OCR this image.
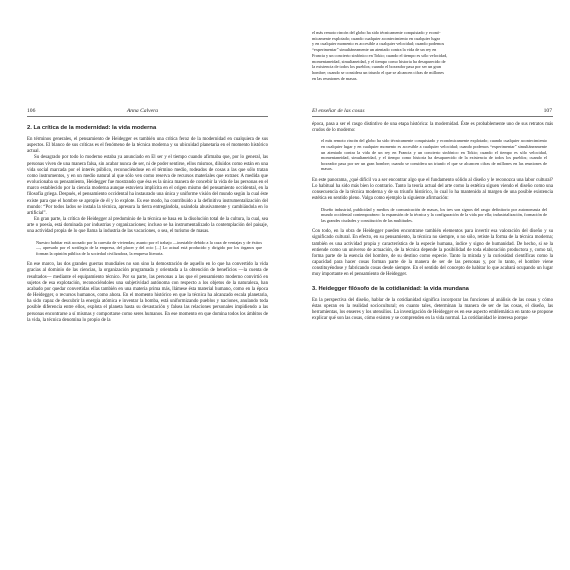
el más remoto rincón del globo ha sido técnicamente conquistado y econó-
micamente explotado; cuando cualquier acontecimiento en cualquier lugar
y en cualquier momento es accesible a cualquier velocidad; cuando podemos
“experimentar” simultáneamente un atentado contra la vida de un rey en
Francia y un concierto sinfónico en Tokio; cuando el tiempo es sólo velocidad,
momentaneidad, simultaneidad, y el tiempo como historia ha desaparecido de
la existencia de todos los pueblos; cuando el boxeador pasa por ser un gran
hombre; cuando se considera un triunfo el que se alcancen cifras de millones
en las reuniones de masas.
106	Anna Calvera
2. La crítica de la modernidad: la vida moderna

En términos generales, el pensamiento de Heidegger es también una crítica feroz de la modernidad en cualquiera de sus aspectos. El blanco de sus críticas es el fenómeno de la técnica moderna y su ubicuidad planetaria en el momento histórico actual.

Su desagrado por todo lo moderno estaba ya anunciado en El ser y el tiempo cuando afirmaba que, por lo general, las personas viven de una manera falsa, sin acabar nunca de ser, ni de poder sentirse, ellos mismos, diluidos como están en una vida social marcada por el interés público, reconociéndose en el término medio, rodeados de cosas a las que sólo tratan como instrumentos, y en un medio natural al que sólo ven como reserva de recursos materiales que extraer. A medida que evolucionaba su pensamiento, Heidegger fue mostrando que ésa es la única manera de concebir la vida de las personas en el marco establecido por la ciencia moderna aunque estuviera implícita en el origen mismo del pensamiento occidental, en la filosofía griega. Después, el pensamiento occidental ha instaurado una única y uniforme visión del mundo según la cual éste existe para que el hombre se apropie de él y lo explote. Es ese modo, ha contribuido a la definitiva instrumentalización del mundo: “Por todos lados se instala la técnica, apresura la tierra entregándola, usándola abusivamente y cambiándola en lo artificial”.

En gran parte, la crítica de Heidegger al predominio de la técnica se basa en la disolución total de la cultura, la cual, sea arte o poesía, está dominada por industrias y organizaciones; incluso se ha instrumentalizado la contemplación del paisaje, una actividad propia de lo que llama la industria de las vacaciones, o sea, el turismo de masas.

Nuestro habitar está acosado por la carestía de viviendas; asunto por el trabajo —inestable debido a la caza de ventajas y de éxitos—, apresado por el sortilegio de la empresa, del placer y del ocio [...] Lo actual está producido y dirigido por los órganos que forman la opinión pública de la sociedad civilizadora, la empresa literaria.

En ese marco, las dos grandes guerras mundiales no son sino la demostración de aquello en lo que ha convertido la vida gracias al dominio de las ciencias, la organización programada y orientada a la obtención de beneficios —la cuenta de resultados— mediante el equipamiento técnico. Por su parte, las personas a las que el pensamiento moderno convirtió en sujetos de esa explotación, reconociéndoles una subjetividad autónoma con respecto a los objetos de la naturaleza, han acabado por quedar convertidas ellas también en una materia prima más, llámese ésta material humano, como en la época de Heidegger, o recursos humanos, como ahora. En el momento histórico en que la técnica ha alcanzado escala planetaria, ha sido capaz de descubrir la energía atómica e inventar la bomba, está uniformizando pueblos y naciones, anulando toda posible diferencia entre ellos, explota el planeta hasta su devastación y falsea las relaciones personales impidiendo a las personas encontrarse a sí mismas y comportarse como seres humanos. En ese momento en que domina todos los ámbitos de la vida, la técnica denomina lo propio de la

El enseñar de las cosas	107

época, pasa a ser el rasgo distintivo de una etapa histórica: la modernidad. Éste es probablemente uno de sus retratos más crudos de lo moderno:

el más remoto rincón del globo ha sido técnicamente conquistado y económicamente explotado; cuando cualquier acontecimiento en cualquier lugar y en cualquier momento es accesible a cualquier velocidad; cuando podemos “experimentar” simultáneamente un atentado contra la vida de un rey en Francia y un concierto sinfónico en Tokio; cuando el tiempo es sólo velocidad, momentaneidad, simultaneidad, y el tiempo como historia ha desaparecido de la existencia de todos los pueblos; cuando el boxeador pasa por ser un gran hombre; cuando se considera un triunfo el que se alcancen cifras de millones en las reuniones de masas.

En este panorama, ¿qué difícil va a ser encontrar algo que el fundamento sólido al diseño y le reconozca una labor cultural? Lo habitual ha sido más bien lo contrario. Tanto la teoría actual del arte como la estética siguen viendo el diseño como una consecuencia de la técnica moderna y de su triunfo histórico, lo cual lo ha mantenido al margen de una posible existencia estética en sentido pleno. Valga como ejemplo la siguiente afirmación:

Diseño industrial, publicidad y medios de comunicación de masas, los tres son signos del rasgo definitorio por autonomasia del mundo occidental contemporáneo: la expansión de la técnica y la configuración de la vida por ella; industrialización, formación de las grandes ciudades y constitución de las multitudes.

Con todo, en la obra de Heidegger pueden encontrarse también elementos para invertir esa valoración del diseño y su significado cultural. En efecto, en su pensamiento, la técnica no siempre, o no sólo, retiste la forma de la técnica moderna; también es una actividad propia y característica de la especie humana, índice y signo de humanidad. De hecho, si se la entiende como un universo de actuación, de la técnica depende la posibilidad de toda elaboración productora y, como tal, forma parte de la esencia del hombre, de su destino como especie. Tanto la mirada y la curiosidad científicas como la capacidad para hacer cosas forman parte de la manera de ser de las personas y, por lo tanto, el hombre viene constituyéndose y fabricando cosas desde siempre. En el sentido del concepto de habitar lo que acabará ocupando un lugar muy importante en el pensamiento de Heidegger.

3. Heidegger filósofo de la cotidianidad: la vida mundana

En la perspectiva del diseño, hablar de la cotidianidad significa incorporar las funciones al análisis de las cosas y cómo éstas operan en la realidad sociocultural; en cuanto tales, determinan la manera de ser de las cosas, el diseño, las herramientas, los enseres y los utensilios. La investigación de Heidegger es en ese aspecto emblemática en tanto se propone explicar qué son las cosas, cómo existen y se comprenden en la vida normal. La cotidianidad le interesa porque
